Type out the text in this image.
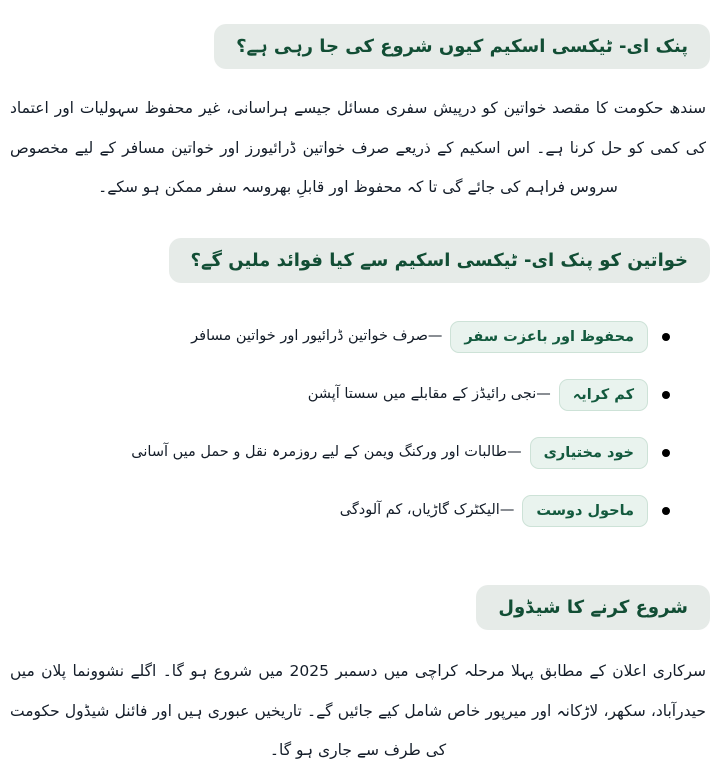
پنک ای- ٹیکسی اسکیم کیوں شروع کی جا رہی ہے؟

سندھ حکومت کا مقصد خواتین کو درپیش سفری مسائل جیسے ہراسانی، غیر محفوظ سہولیات اور اعتماد کی کمی کو حل کرنا ہے۔ اس اسکیم کے ذریعے صرف خواتین ڈرائیورز اور خواتین مسافر کے لیے مخصوص سروس فراہم کی جائے گی تا کہ محفوظ اور قابلِ بھروسہ سفر ممکن ہو سکے۔

خواتین کو پنک ای- ٹیکسی اسکیم سے کیا فوائد ملیں گے؟
محفوظ اور باعزت سفر
—صرف خواتین ڈرائیور اور خواتین مسافر
کم کرایہ
—نجی رائیڈز کے مقابلے میں سستا آپشن
خود مختیاری
—طالبات اور ورکنگ ویمن کے لیے روزمرہ نقل و حمل میں آسانی
ماحول دوست
—الیکٹرک گاڑیاں، کم آلودگی
شروع کرنے کا شیڈول

سرکاری اعلان کے مطابق پہلا مرحلہ کراچی میں دسمبر 2025 میں شروع ہو گا۔ اگلے نشوونما پلان میں حیدرآباد، سکھر، لاڑکانہ اور میرپور خاص شامل کیے جائیں گے۔ تاریخیں عبوری ہیں اور فائنل شیڈول حکومت کی طرف سے جاری ہو گا۔
